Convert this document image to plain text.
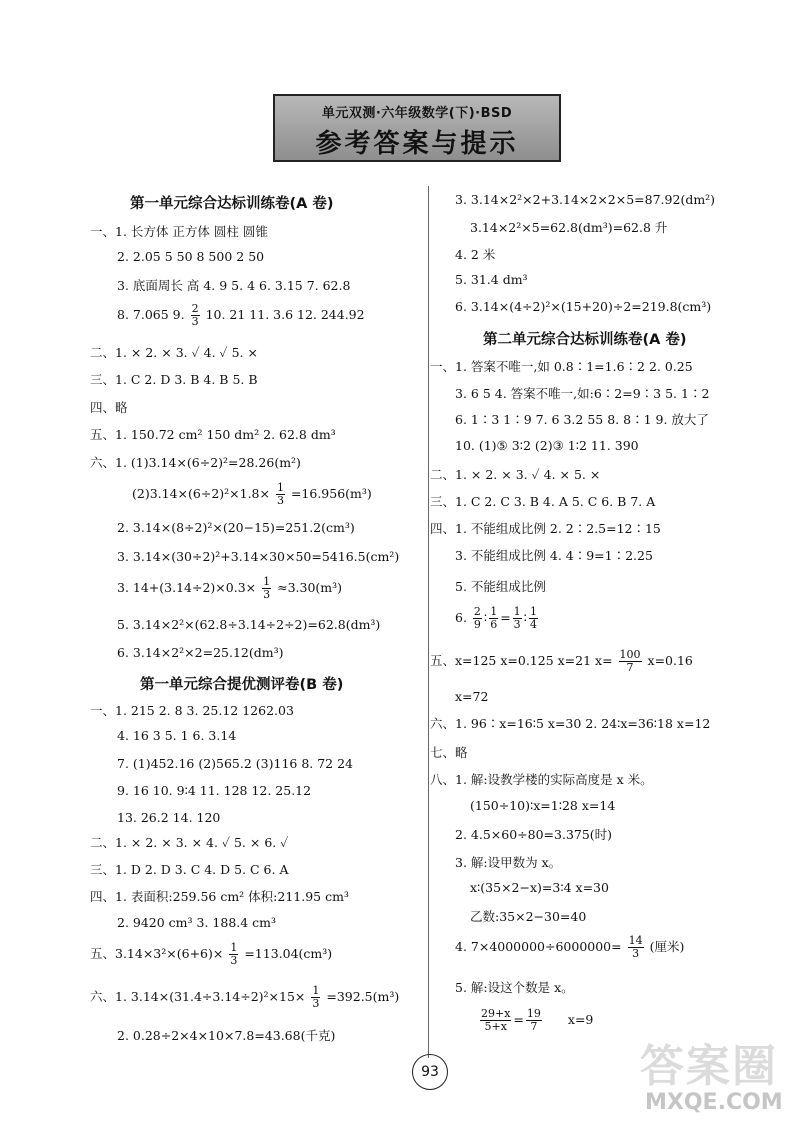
单元双测·六年级数学(下)·BSD
参考答案与提示
第一单元综合达标训练卷(A 卷)
一、1. 长方体 正方体 圆柱 圆锥
2. 2.05 5 50 8 500 2 50
3. 底面周长 高 4. 9 5. 4 6. 3.15 7. 62.8
8. 7.065 9. $\frac{2}{3} 10$. 21 11. 3.6 12. 244.92
二、1. × 2. × 3. ✓ 4. ✓ 5. ×
三、1. C 2. D 3. B 4. B 5. B
四、略
五、1. 150.72 cm² 150 dm² 2. 62.8 dm³
六、1. (1)3.14×(6÷2)²=28.26(m²)
$(2)3.14\times(6\div 2)^2\times 1.8\times \frac{1}{3} =16.956(m^3)$
2. 3.14×(8÷2)²×(20−15)=251.2(cm³)
3. 3.14×(30÷2)²+3.14×30×50=5416.5(cm²)
3. $14+(3.14\div 2)\times 0.3\times \frac{1}{3} \approx 3.30(m^3)$
5. 3.14×2²×(62.8÷3.14÷2÷2)=62.8(dm³)
6. 3.14×2²×2=25.12(dm³)
第一单元综合提优测评卷(B 卷)
一、1. 215 2. 8 3. 25.12 1262.03
4. 16 3 5. 1 6. 3.14
7. (1)452.16 (2)565.2 (3)116 8. 72 24
9. 16 10. 9∶4 11. 128 12. 25.12
13. 26.2 14. 120
二、1. × 2. × 3. × 4. ✓ 5. × 6. ✓
三、1. D 2. D 3. C 4. D 5. C 6. A
四、1. 表面积:259.56 cm² 体积:211.95 cm³
2. 9420 cm³ 3. 188.4 cm³
五、$3.14\times 3^2\times(6+6)\times \frac{1}{3} =113.04(cm^3)$
六、1. $3.14\times(31.4\div 3.14\div 2)^2\times 15\times \frac{1}{3} =392.5(m^3)$
2. 0.28÷2×4×10×7.8=43.68(千克)
3. 3.14×2²×2+3.14×2×2×5=87.92(dm²)
3.14×2²×5=62.8(dm³)=62.8 升
4. 2 米
5. 31.4 dm³
6. 3.14×(4÷2)²×(15+20)÷2=219.8(cm³)
第二单元综合达标训练卷(A 卷)
一、1. 答案不唯一,如 0.8∶1=1.6∶2 2. 0.25
3. 6 5 4. 答案不唯一,如:6∶2=9∶3 5. 1∶2
6. 1∶3 1∶9 7. 6 3.2 55 8. 8∶1 9. 放大了
10. (1)⑤ 3∶2 (2)③ 1∶2 11. 390
二、1. × 2. × 3. ✓ 4. × 5. ×
三、1. C 2. C 3. B 4. A 5. C 6. B 7. A
四、1. 不能组成比例 2. 2∶2.5=12∶15
3. 不能组成比例 4. 4∶9=1∶2.25
5. 不能组成比例
6. $\frac{2}{9}$ ∶ $\frac{1}{6} = \frac{1}{3}$ ∶ $\frac{1}{4}$
五、x=125 x=0.125 x=21 $x= \frac{100}{7} x=0.16$
x=72
六、1. 96∶x=16∶5 x=30 2. 24∶x=36∶18 x=12
七、略
八、1. 解:设教学楼的实际高度是 x 米。
(150÷10)∶x=1∶28 x=14
2. 4.5×60÷80=3.375(时)
3. 解:设甲数为 x。
x∶(35×2−x)=3∶4 x=30
乙数:35×2−30=40
4. $7\times 4000000\div 6000000= \frac{14}{3}$ (厘米)
5. 解:设这个数是 x。
$\frac{29+x}{5+x} = \frac{19}{7} x=9$
93	答案圈
MXQE.COM
